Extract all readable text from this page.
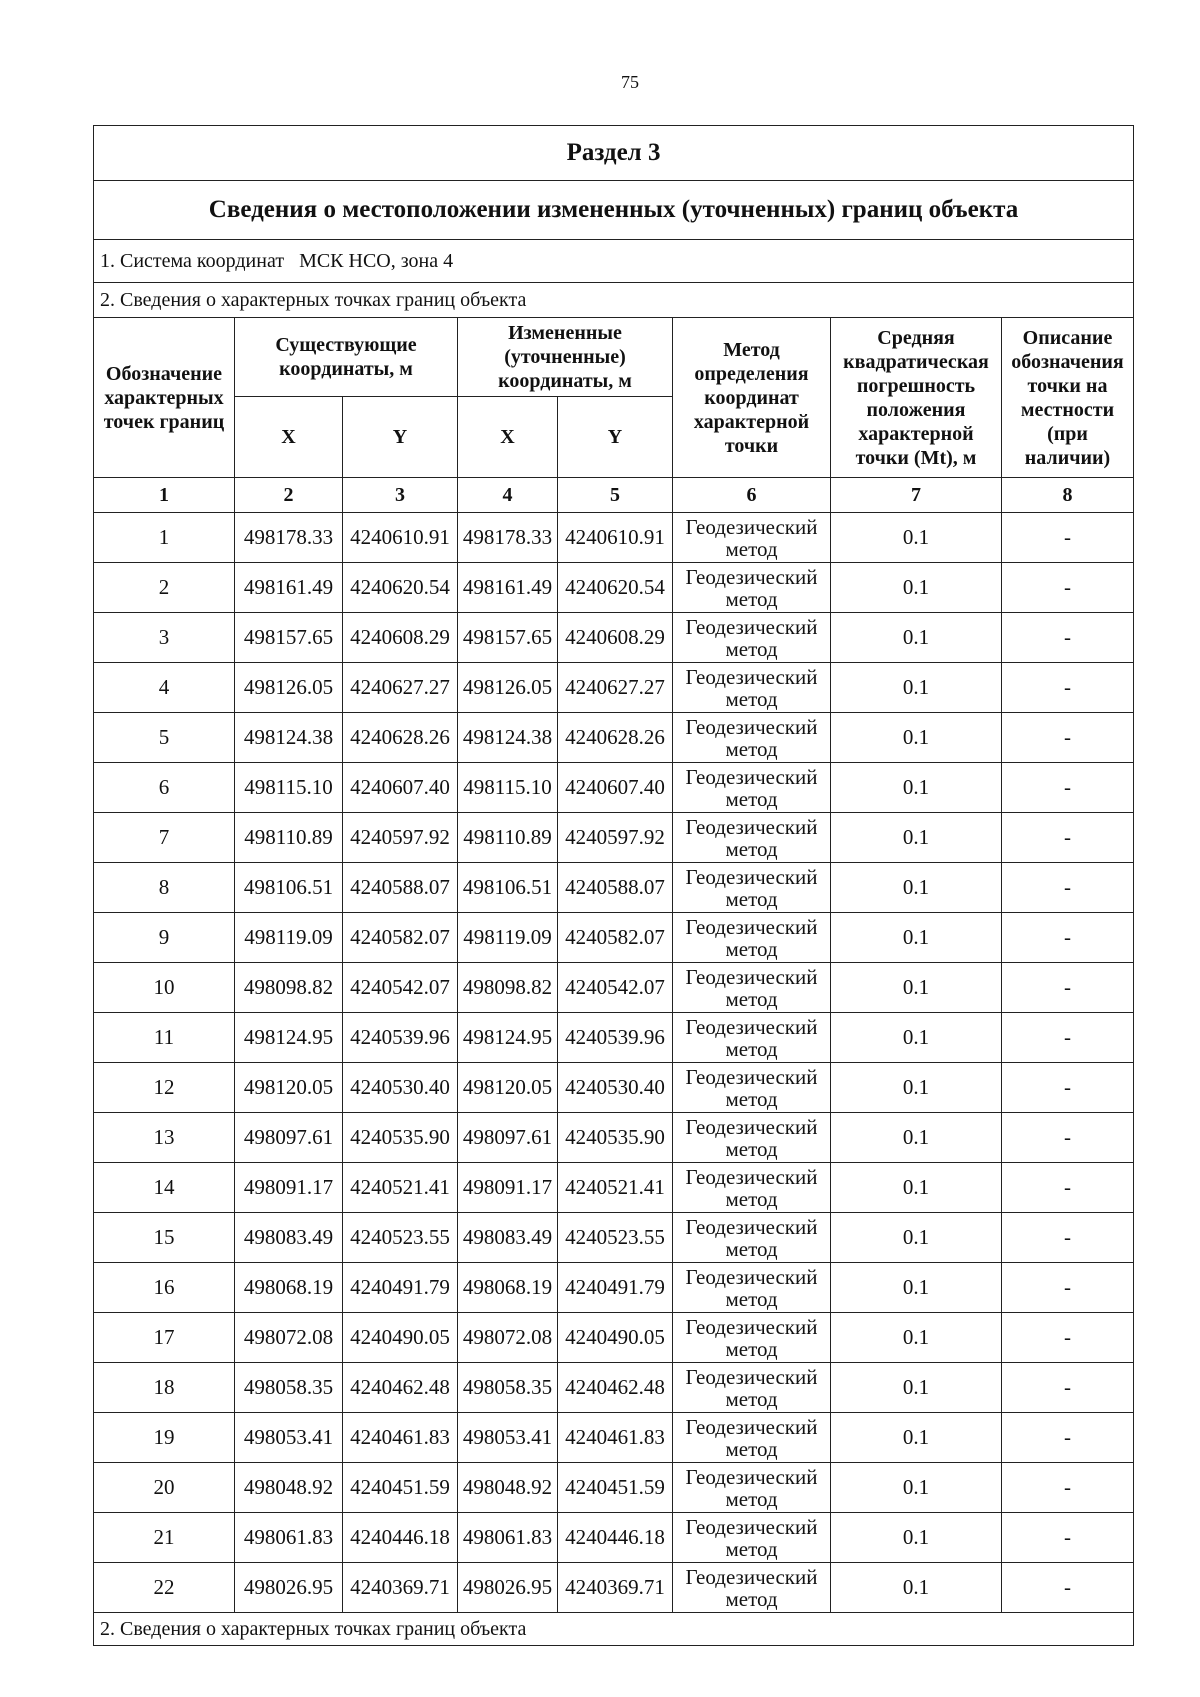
75
Раздел 3							
Сведения о местоположении измененных (уточненных) границ объекта							
1. Система координат МСК НСО, зона 4							
2. Сведения о характерных точках границ объекта							
Обозначение характерных точек границ	Существующие координаты, м		Измененные (уточненные) координаты, м		Метод определения координат характерной точки	Средняя квадратическая погрешность положения характерной точки (Mt), м	Описание обозначения точки на местности (при наличии)
	X	Y	X	Y			
1	2	3	4	5	6	7	8
1	498178.33	4240610.91	498178.33	4240610.91	Геодезический метод	0.1	-
2	498161.49	4240620.54	498161.49	4240620.54	Геодезический метод	0.1	-
3	498157.65	4240608.29	498157.65	4240608.29	Геодезический метод	0.1	-
4	498126.05	4240627.27	498126.05	4240627.27	Геодезический метод	0.1	-
5	498124.38	4240628.26	498124.38	4240628.26	Геодезический метод	0.1	-
6	498115.10	4240607.40	498115.10	4240607.40	Геодезический метод	0.1	-
7	498110.89	4240597.92	498110.89	4240597.92	Геодезический метод	0.1	-
8	498106.51	4240588.07	498106.51	4240588.07	Геодезический метод	0.1	-
9	498119.09	4240582.07	498119.09	4240582.07	Геодезический метод	0.1	-
10	498098.82	4240542.07	498098.82	4240542.07	Геодезический метод	0.1	-
11	498124.95	4240539.96	498124.95	4240539.96	Геодезический метод	0.1	-
12	498120.05	4240530.40	498120.05	4240530.40	Геодезический метод	0.1	-
13	498097.61	4240535.90	498097.61	4240535.90	Геодезический метод	0.1	-
14	498091.17	4240521.41	498091.17	4240521.41	Геодезический метод	0.1	-
15	498083.49	4240523.55	498083.49	4240523.55	Геодезический метод	0.1	-
16	498068.19	4240491.79	498068.19	4240491.79	Геодезический метод	0.1	-
17	498072.08	4240490.05	498072.08	4240490.05	Геодезический метод	0.1	-
18	498058.35	4240462.48	498058.35	4240462.48	Геодезический метод	0.1	-
19	498053.41	4240461.83	498053.41	4240461.83	Геодезический метод	0.1	-
20	498048.92	4240451.59	498048.92	4240451.59	Геодезический метод	0.1	-
21	498061.83	4240446.18	498061.83	4240446.18	Геодезический метод	0.1	-
22	498026.95	4240369.71	498026.95	4240369.71	Геодезический метод	0.1	-
2. Сведения о характерных точках границ объекта							
